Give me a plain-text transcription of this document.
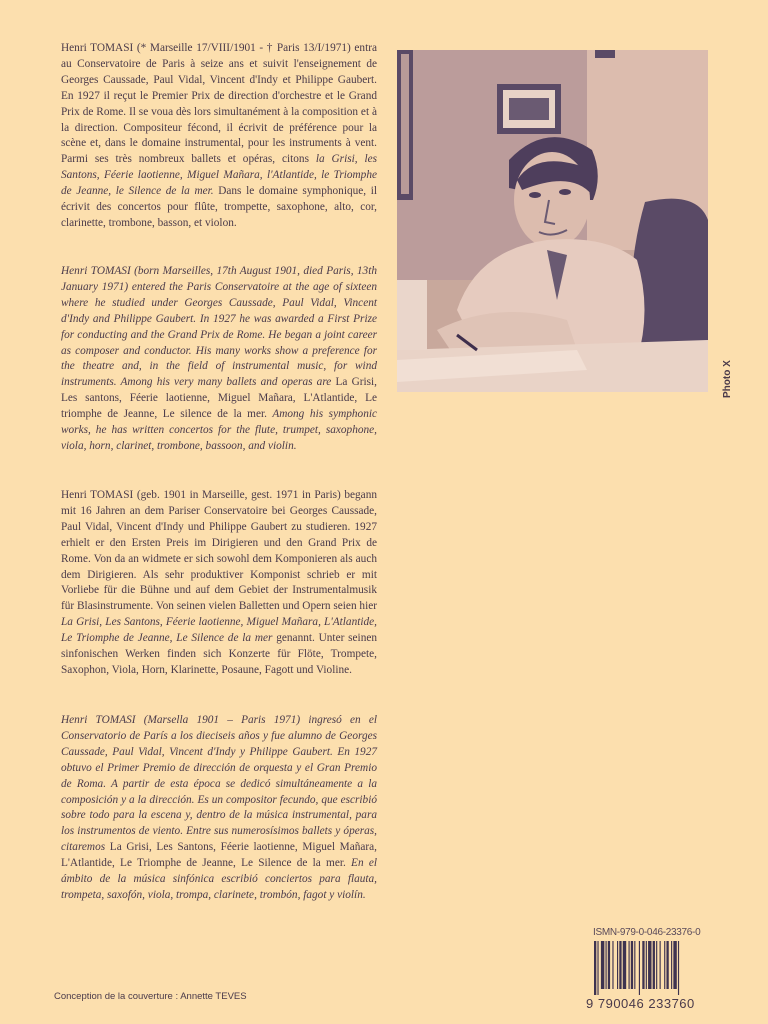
Henri TOMASI (* Marseille 17/VIII/1901 - † Paris 13/I/1971) entra au Conservatoire de Paris à seize ans et suivit l'enseignement de Georges Caussade, Paul Vidal, Vincent d'Indy et Philippe Gaubert. En 1927 il reçut le Premier Prix de direction d'orchestre et le Grand Prix de Rome. Il se voua dès lors simultanément à la composition et à la direction. Compositeur fécond, il écrivit de préférence pour la scène et, dans le domaine instrumental, pour les instruments à vent. Parmi ses très nombreux ballets et opéras, citons la Grisi, les Santons, Féerie laotienne, Miguel Mañara, l'Atlantide, le Triomphe de Jeanne, le Silence de la mer. Dans le domaine symphonique, il écrivit des concertos pour flûte, trompette, saxophone, alto, cor, clarinette, trombone, basson, et violon.

Henri TOMASI (born Marseilles, 17th August 1901, died Paris, 13th January 1971) entered the Paris Conservatoire at the age of sixteen where he studied under Georges Caussade, Paul Vidal, Vincent d'Indy and Philippe Gaubert. In 1927 he was awarded a First Prize for conducting and the Grand Prix de Rome. He began a joint career as composer and conductor. His many works show a preference for the theatre and, in the field of instrumental music, for wind instruments. Among his very many ballets and operas are La Grisi, Les santons, Féerie laotienne, Miguel Mañara, L'Atlantide, Le triomphe de Jeanne, Le silence de la mer. Among his symphonic works, he has written concertos for the flute, trumpet, saxophone, viola, horn, clarinet, trombone, bassoon, and violin.

Henri TOMASI (geb. 1901 in Marseille, gest. 1971 in Paris) begann mit 16 Jahren an dem Pariser Conservatoire bei Georges Caussade, Paul Vidal, Vincent d'Indy und Philippe Gaubert zu studieren. 1927 erhielt er den Ersten Preis im Dirigieren und den Grand Prix de Rome. Von da an widmete er sich sowohl dem Komponieren als auch dem Dirigieren. Als sehr produktiver Komponist schrieb er mit Vorliebe für die Bühne und auf dem Gebiet der Instrumentalmusik für Blasinstrumente. Von seinen vielen Balletten und Opern seien hier La Grisi, Les Santons, Féerie laotienne, Miguel Mañara, L'Atlantide, Le Triomphe de Jeanne, Le Silence de la mer genannt. Unter seinen sinfonischen Werken finden sich Konzerte für Flöte, Trompete, Saxophon, Viola, Horn, Klarinette, Posaune, Fagott und Violine.

Henri TOMASI (Marsella 1901 – Paris 1971) ingresó en el Conservatorio de París a los dieciseis años y fue alumno de Georges Caussade, Paul Vidal, Vincent d'Indy y Philippe Gaubert. En 1927 obtuvo el Primer Premio de dirección de orquesta y el Gran Premio de Roma. A partir de esta época se dedicó simultáneamente a la composición y a la dirección. Es un compositor fecundo, que escribió sobre todo para la escena y, dentro de la música instrumental, para los instrumentos de viento. Entre sus numerosísimos ballets y óperas, citaremos La Grisi, Les Santons, Féerie laotienne, Miguel Mañara, L'Atlantide, Le Triomphe de Jeanne, Le Silence de la mer. En el ámbito de la música sinfónica escribió conciertos para flauta, trompeta, saxofón, viola, trompa, clarinete, trombón, fagot y violín.

Photo X
ISMN-979-0-046-23376-0
9 790046 233760
Conception de la couverture : Annette TEVES
